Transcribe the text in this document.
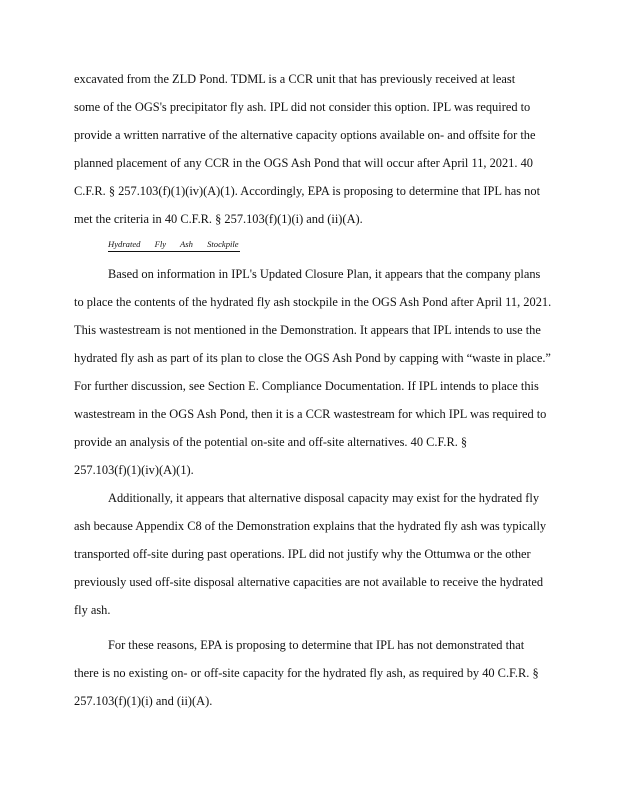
excavated from the ZLD Pond. TDML is a CCR unit that has previously received at least
some of the OGS's precipitator fly ash. IPL did not consider this option. IPL was required to
provide a written narrative of the alternative capacity options available on- and offsite for the
planned placement of any CCR in the OGS Ash Pond that will occur after April 11, 2021. 40
C.F.R. § 257.103(f)(1)(iv)(A)(1). Accordingly, EPA is proposing to determine that IPL has not
met the criteria in 40 C.F.R. § 257.103(f)(1)(i) and (ii)(A).
Hydrated Fly Ash Stockpile
Based on information in IPL's Updated Closure Plan, it appears that the company plans
to place the contents of the hydrated fly ash stockpile in the OGS Ash Pond after April 11, 2021.
This wastestream is not mentioned in the Demonstration. It appears that IPL intends to use the
hydrated fly ash as part of its plan to close the OGS Ash Pond by capping with “waste in place.”
For further discussion, see Section E. Compliance Documentation. If IPL intends to place this
wastestream in the OGS Ash Pond, then it is a CCR wastestream for which IPL was required to
provide an analysis of the potential on-site and off-site alternatives. 40 C.F.R. §
257.103(f)(1)(iv)(A)(1).
Additionally, it appears that alternative disposal capacity may exist for the hydrated fly
ash because Appendix C8 of the Demonstration explains that the hydrated fly ash was typically
transported off-site during past operations. IPL did not justify why the Ottumwa or the other
previously used off-site disposal alternative capacities are not available to receive the hydrated
fly ash.
For these reasons, EPA is proposing to determine that IPL has not demonstrated that
there is no existing on- or off-site capacity for the hydrated fly ash, as required by 40 C.F.R. §
257.103(f)(1)(i) and (ii)(A).
